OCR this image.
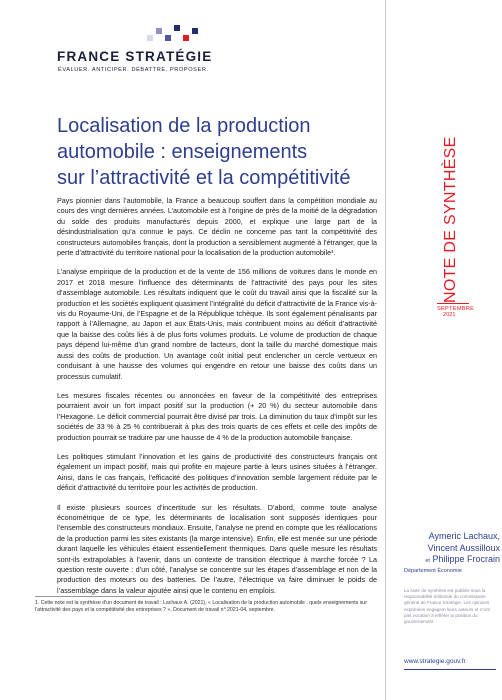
FRANCE STRATÉGIE
ÉVALUER. ANTICIPER. DÉBATTRE. PROPOSER.
Localisation de la production
automobile : enseignements
sur l’attractivité et la compétitivité

Pays pionnier dans l’automobile, la France a beaucoup souffert dans la compétition mondiale au cours des vingt dernières années. L’automobile est à l’origine de près de la moitié de la dégradation du solde des produits manufacturés depuis 2000, et explique une large part de la désindustrialisation qu’a connue le pays. Ce déclin ne concerne pas tant la compétitivité des constructeurs automobiles français, dont la production a sensiblement augmenté à l’étranger, que la perte d’attractivité du territoire national pour la localisation de la production automobile¹.

L’analyse empirique de la production et de la vente de 156 millions de voitures dans le monde en 2017 et 2018 mesure l’influence des déterminants de l’attractivité des pays pour les sites d’assemblage automobile. Les résultats indiquent que le coût du travail ainsi que la fiscalité sur la production et les sociétés expliquent quasiment l’intégralité du déficit d’attractivité de la France vis-à-vis du Royaume-Uni, de l’Espagne et de la République tchèque. Ils sont également pénalisants par rapport à l’Allemagne, au Japon et aux États-Unis, mais contribuent moins au déficit d’attractivité que la baisse des coûts liés à de plus forts volumes produits. Le volume de production de chaque pays dépend lui-même d’un grand nombre de facteurs, dont la taille du marché domestique mais aussi des coûts de production. Un avantage coût initial peut enclencher un cercle vertueux en conduisant à une hausse des volumes qui engendre en retour une baisse des coûts dans un processus cumulatif.

Les mesures fiscales récentes ou annoncées en faveur de la compétitivité des entreprises pourraient avoir un fort impact positif sur la production (+ 20 %) du secteur automobile dans l’Hexagone. Le déficit commercial pourrait être divisé par trois. La diminution du taux d’impôt sur les sociétés de 33 % à 25 % contribuerait à plus des trois quarts de ces effets et celle des impôts de production pourrait se traduire par une hausse de 4 % de la production automobile française.

Les politiques stimulant l’innovation et les gains de productivité des constructeurs français ont également un impact positif, mais qui profite en majeure partie à leurs usines situées à l’étranger. Ainsi, dans le cas français, l’efficacité des politiques d’innovation semble largement réduite par le déficit d’attractivité du territoire pour les activités de production.

Il existe plusieurs sources d’incertitude sur les résultats. D’abord, comme toute analyse économétrique de ce type, les déterminants de localisation sont supposés identiques pour l’ensemble des constructeurs mondiaux. Ensuite, l’analyse ne prend en compte que les réallocations de la production parmi les sites existants (la marge intensive). Enfin, elle est menée sur une période durant laquelle les véhicules étaient essentiellement thermiques. Dans quelle mesure les résultats sont-ils extrapolables à l’avenir, dans un contexte de transition électrique à marche forcée ? La question reste ouverte : d’un côté, l’analyse se concentre sur les étapes d’assemblage et non de la production des moteurs ou des batteries. De l’autre, l’électrique va faire diminuer le poids de l’assemblage dans la valeur ajoutée ainsi que le contenu en emplois.

1. Cette note est la synthèse d’un document de travail : Lachaux A. (2021), « Localisation de la production automobile : quels enseignements sur l’attractivité des pays et la compétitivité des entreprises ? », Document de travail n° 2021-04, septembre.
NOTE DE SYNTHÈSE
SEPTEMBRE
2021
Aymeric Lachaux,
Vincent Aussilloux
et Philippe Frocrain
Département Économie
La Note de synthèse est publiée sous la responsabilité éditoriale du commissaire général de France Stratégie. Les opinions exprimées engagent leurs auteurs et n’ont pas vocation à refléter la position du gouvernement.
www.strategie.gouv.fr
